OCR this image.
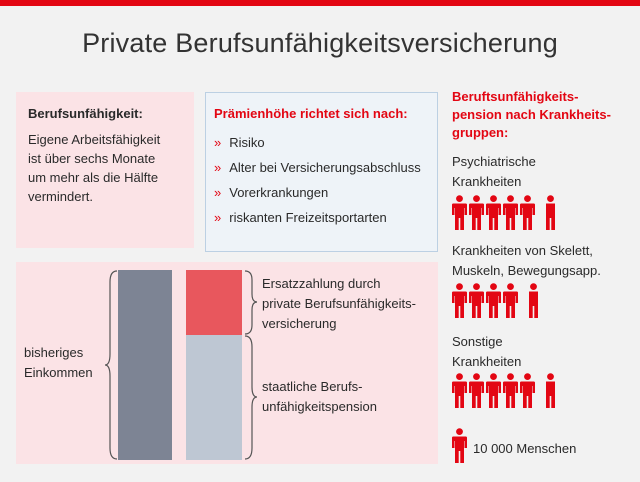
Private Berufsunfähigkeitsversicherung
Berufsunfähigkeit:
Eigene Arbeitsfähigkeit
ist über sechs Monate
um mehr als die Hälfte
vermindert.
Prämienhöhe richtet sich nach:
» Risiko
» Alter bei Versicherungsabschluss
» Vorerkrankungen
» riskanten Freizeitsportarten
bisheriges
Einkommen
Ersatzzahlung durch
private Berufsunfähigkeits-
versicherung
staatliche Berufs-
unfähigkeitspension
Beruftsunfähigkeits-
pension nach Krankheits-
gruppen:
Psychiatrische
Krankheiten
Krankheiten von Skelett,
Muskeln, Bewegungsapp.
Sonstige
Krankheiten
10 000 Menschen
